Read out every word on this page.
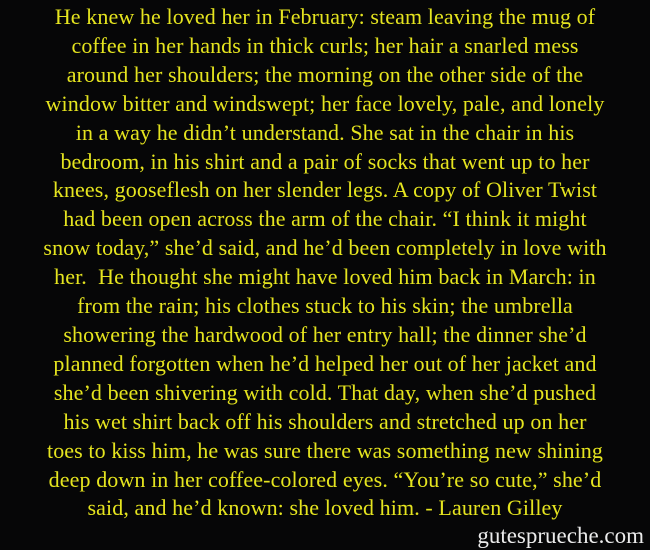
He knew he loved her in February: steam leaving the mug of
coffee in her hands in thick curls; her hair a snarled mess
around her shoulders; the morning on the other side of the
window bitter and windswept; her face lovely, pale, and lonely
in a way he didn’t understand. She sat in the chair in his
bedroom, in his shirt and a pair of socks that went up to her
knees, gooseflesh on her slender legs. A copy of Oliver Twist
had been open across the arm of the chair. “I think it might
snow today,” she’d said, and he’d been completely in love with
her.  He thought she might have loved him back in March: in
from the rain; his clothes stuck to his skin; the umbrella
showering the hardwood of her entry hall; the dinner she’d
planned forgotten when he’d helped her out of her jacket and
she’d been shivering with cold. That day, when she’d pushed
his wet shirt back off his shoulders and stretched up on her
toes to kiss him, he was sure there was something new shining
deep down in her coffee-colored eyes. “You’re so cute,” she’d
said, and he’d known: she loved him. - Lauren Gilley
gutesprueche.com
